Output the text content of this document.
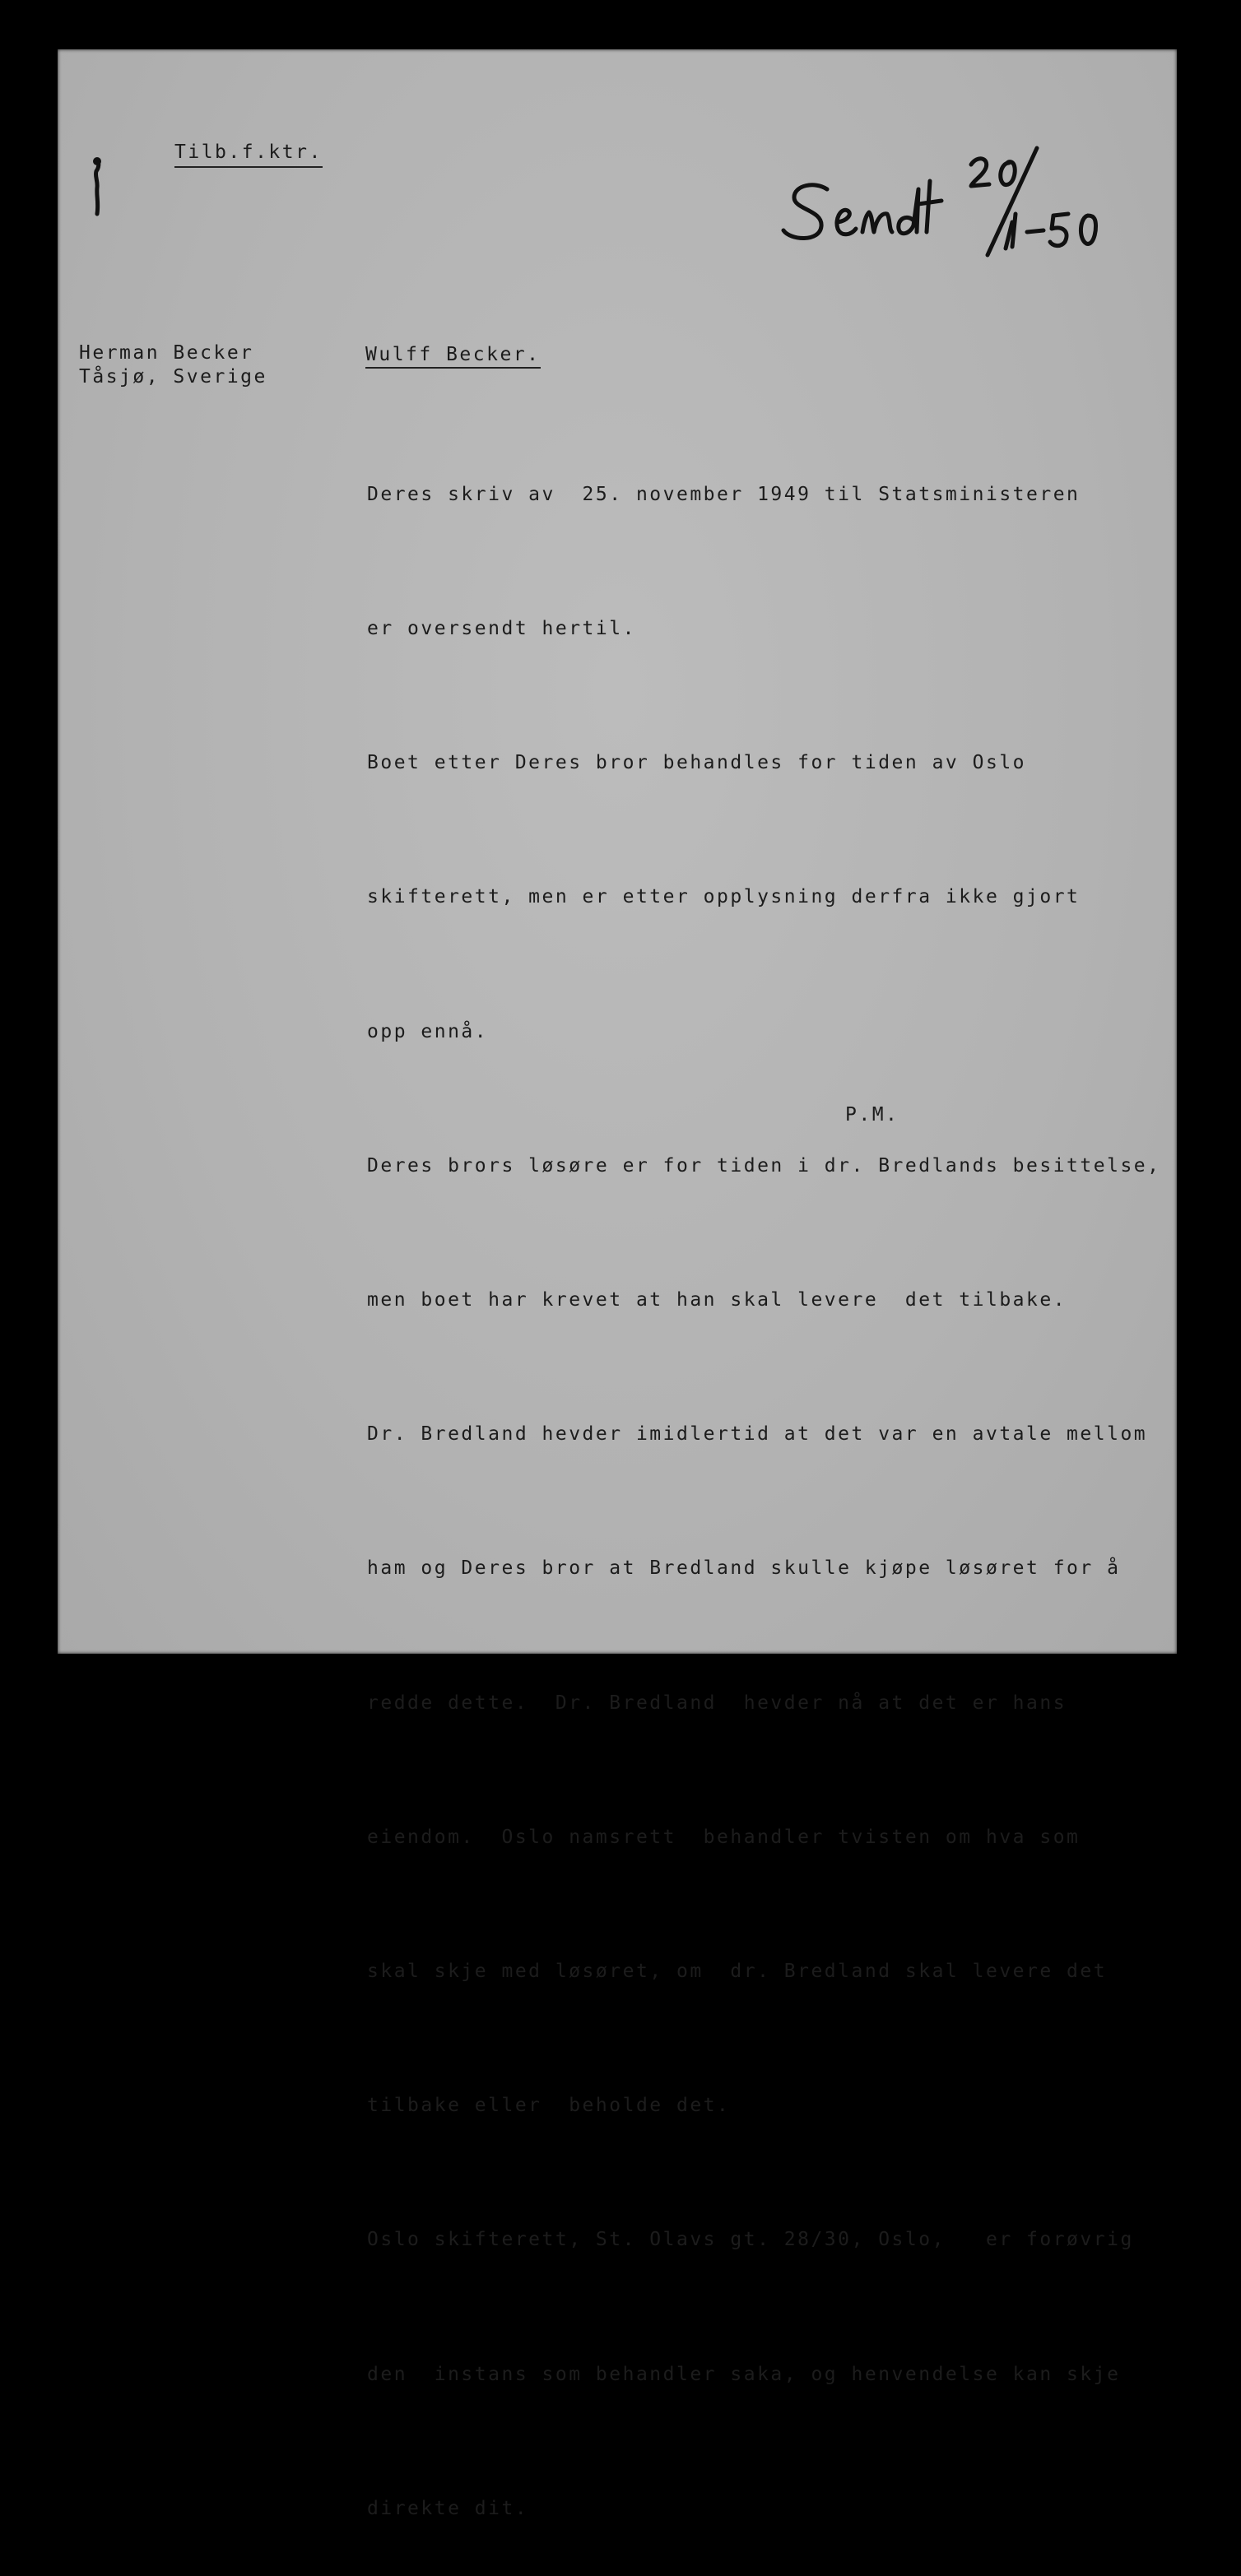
Tilb.f.ktr.
Herman Becker
Tåsjø, Sverige
Wulff Becker.

Deres skriv av  25. november 1949 til Statsministeren

er oversendt hertil.

Boet etter Deres bror behandles for tiden av Oslo

skifterett, men er etter opplysning derfra ikke gjort

opp ennå.

Deres brors løsøre er for tiden i dr. Bredlands besittelse,

men boet har krevet at han skal levere  det tilbake.

Dr. Bredland hevder imidlertid at det var en avtale mellom

ham og Deres bror at Bredland skulle kjøpe løsøret for å

redde dette.  Dr. Bredland  hevder nå at det er hans

eiendom.  Oslo namsrett  behandler tvisten om hva som

skal skje med løsøret, om  dr. Bredland skal levere det

tilbake eller  beholde det.

Oslo skifterett, St. Olavs gt. 28/30, Oslo,   er forøvrig

den  instans som behandler saka, og henvendelse kan skje

direkte dit.

P.M.
